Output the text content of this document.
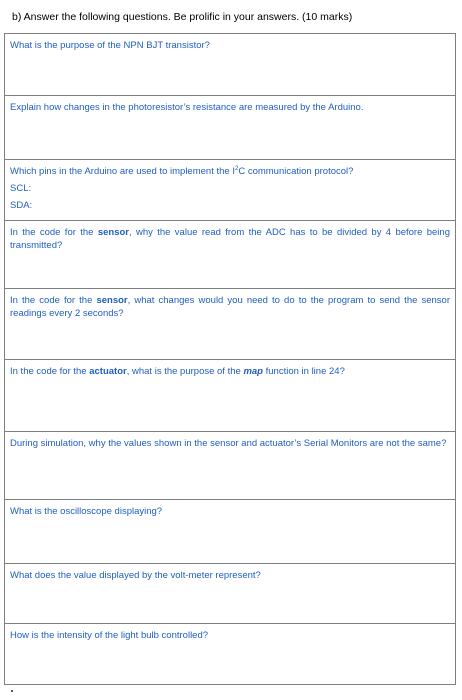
b) Answer the following questions. Be prolific in your answers. (10 marks)
What is the purpose of the NPN BJT transistor?

Explain how changes in the photoresistor’s resistance are measured by the Arduino.

Which pins in the Arduino are used to implement the $I^2C$ communication protocol?
SCL:
SDA:

In the code for the sensor, why the value read from the ADC has to be divided by 4 before being transmitted?

In the code for the sensor, what changes would you need to do to the program to send the sensor readings every 2 seconds?

In the code for the actuator, what is the purpose of the map function in line 24?

During simulation, why the values shown in the sensor and actuator’s Serial Monitors are not the same?

What is the oscilloscope displaying?

What does the value displayed by the volt-meter represent?

How is the intensity of the light bulb controlled?
